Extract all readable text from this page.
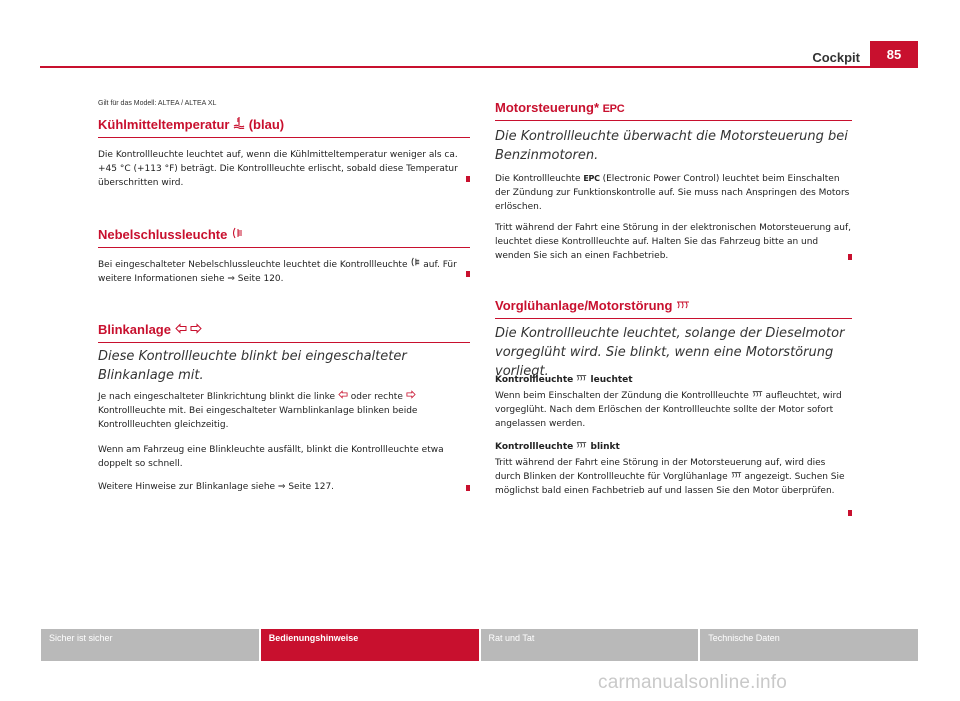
Cockpit	85
Gilt für das Modell: ALTEA / ALTEA XL
Kühlmitteltemperatur (blau)

Die Kontrollleuchte leuchtet auf, wenn die Kühlmitteltemperatur weniger als ca. +45 °C (+113 °F) beträgt. Die Kontrollleuchte erlischt, sobald diese Temperatur überschritten wird.

Nebelschlussleuchte

Bei eingeschalteter Nebelschlussleuchte leuchtet die Kontrollleuchte auf. Für weitere Informationen siehe ⇒ Seite 120.

Blinkanlage

Diese Kontrollleuchte blinkt bei eingeschalteter Blinkanlage mit.

Je nach eingeschalteter Blinkrichtung blinkt die linke oder rechte  Kontrollleuchte mit. Bei eingeschalteter Warnblinkanlage blinken beide Kontrollleuchten gleichzeitig.

Wenn am Fahrzeug eine Blinkleuchte ausfällt, blinkt die Kontrollleuchte etwa doppelt so schnell.

Weitere Hinweise zur Blinkanlage siehe ⇒ Seite 127.

Motorsteuerung* EPC

Die Kontrollleuchte überwacht die Motorsteuerung bei Benzinmotoren.

Die Kontrollleuchte EPC (Electronic Power Control) leuchtet beim Einschalten der Zündung zur Funktionskontrolle auf. Sie muss nach Anspringen des Motors erlöschen.

Tritt während der Fahrt eine Störung in der elektronischen Motorsteuerung auf, leuchtet diese Kontrollleuchte auf. Halten Sie das Fahrzeug bitte an und wenden Sie sich an einen Fachbetrieb.

Vorglühanlage/Motorstörung

Die Kontrollleuchte leuchtet, solange der Dieselmotor vorgeglüht wird. Sie blinkt, wenn eine Motorstörung vorliegt.

Kontrollleuchte leuchtet

Wenn beim Einschalten der Zündung die Kontrollleuchte aufleuchtet, wird vorgeglüht. Nach dem Erlöschen der Kontrollleuchte sollte der Motor sofort angelassen werden.

Kontrollleuchte blinkt

Tritt während der Fahrt eine Störung in der Motorsteuerung auf, wird dies durch Blinken der Kontrollleuchte für Vorglühanlage angezeigt. Suchen Sie möglichst bald einen Fachbetrieb auf und lassen Sie den Motor überprüfen.

Sicher ist sicher	Bedienungshinweise	Rat und Tat	Technische Daten
carmanualsonline.info
